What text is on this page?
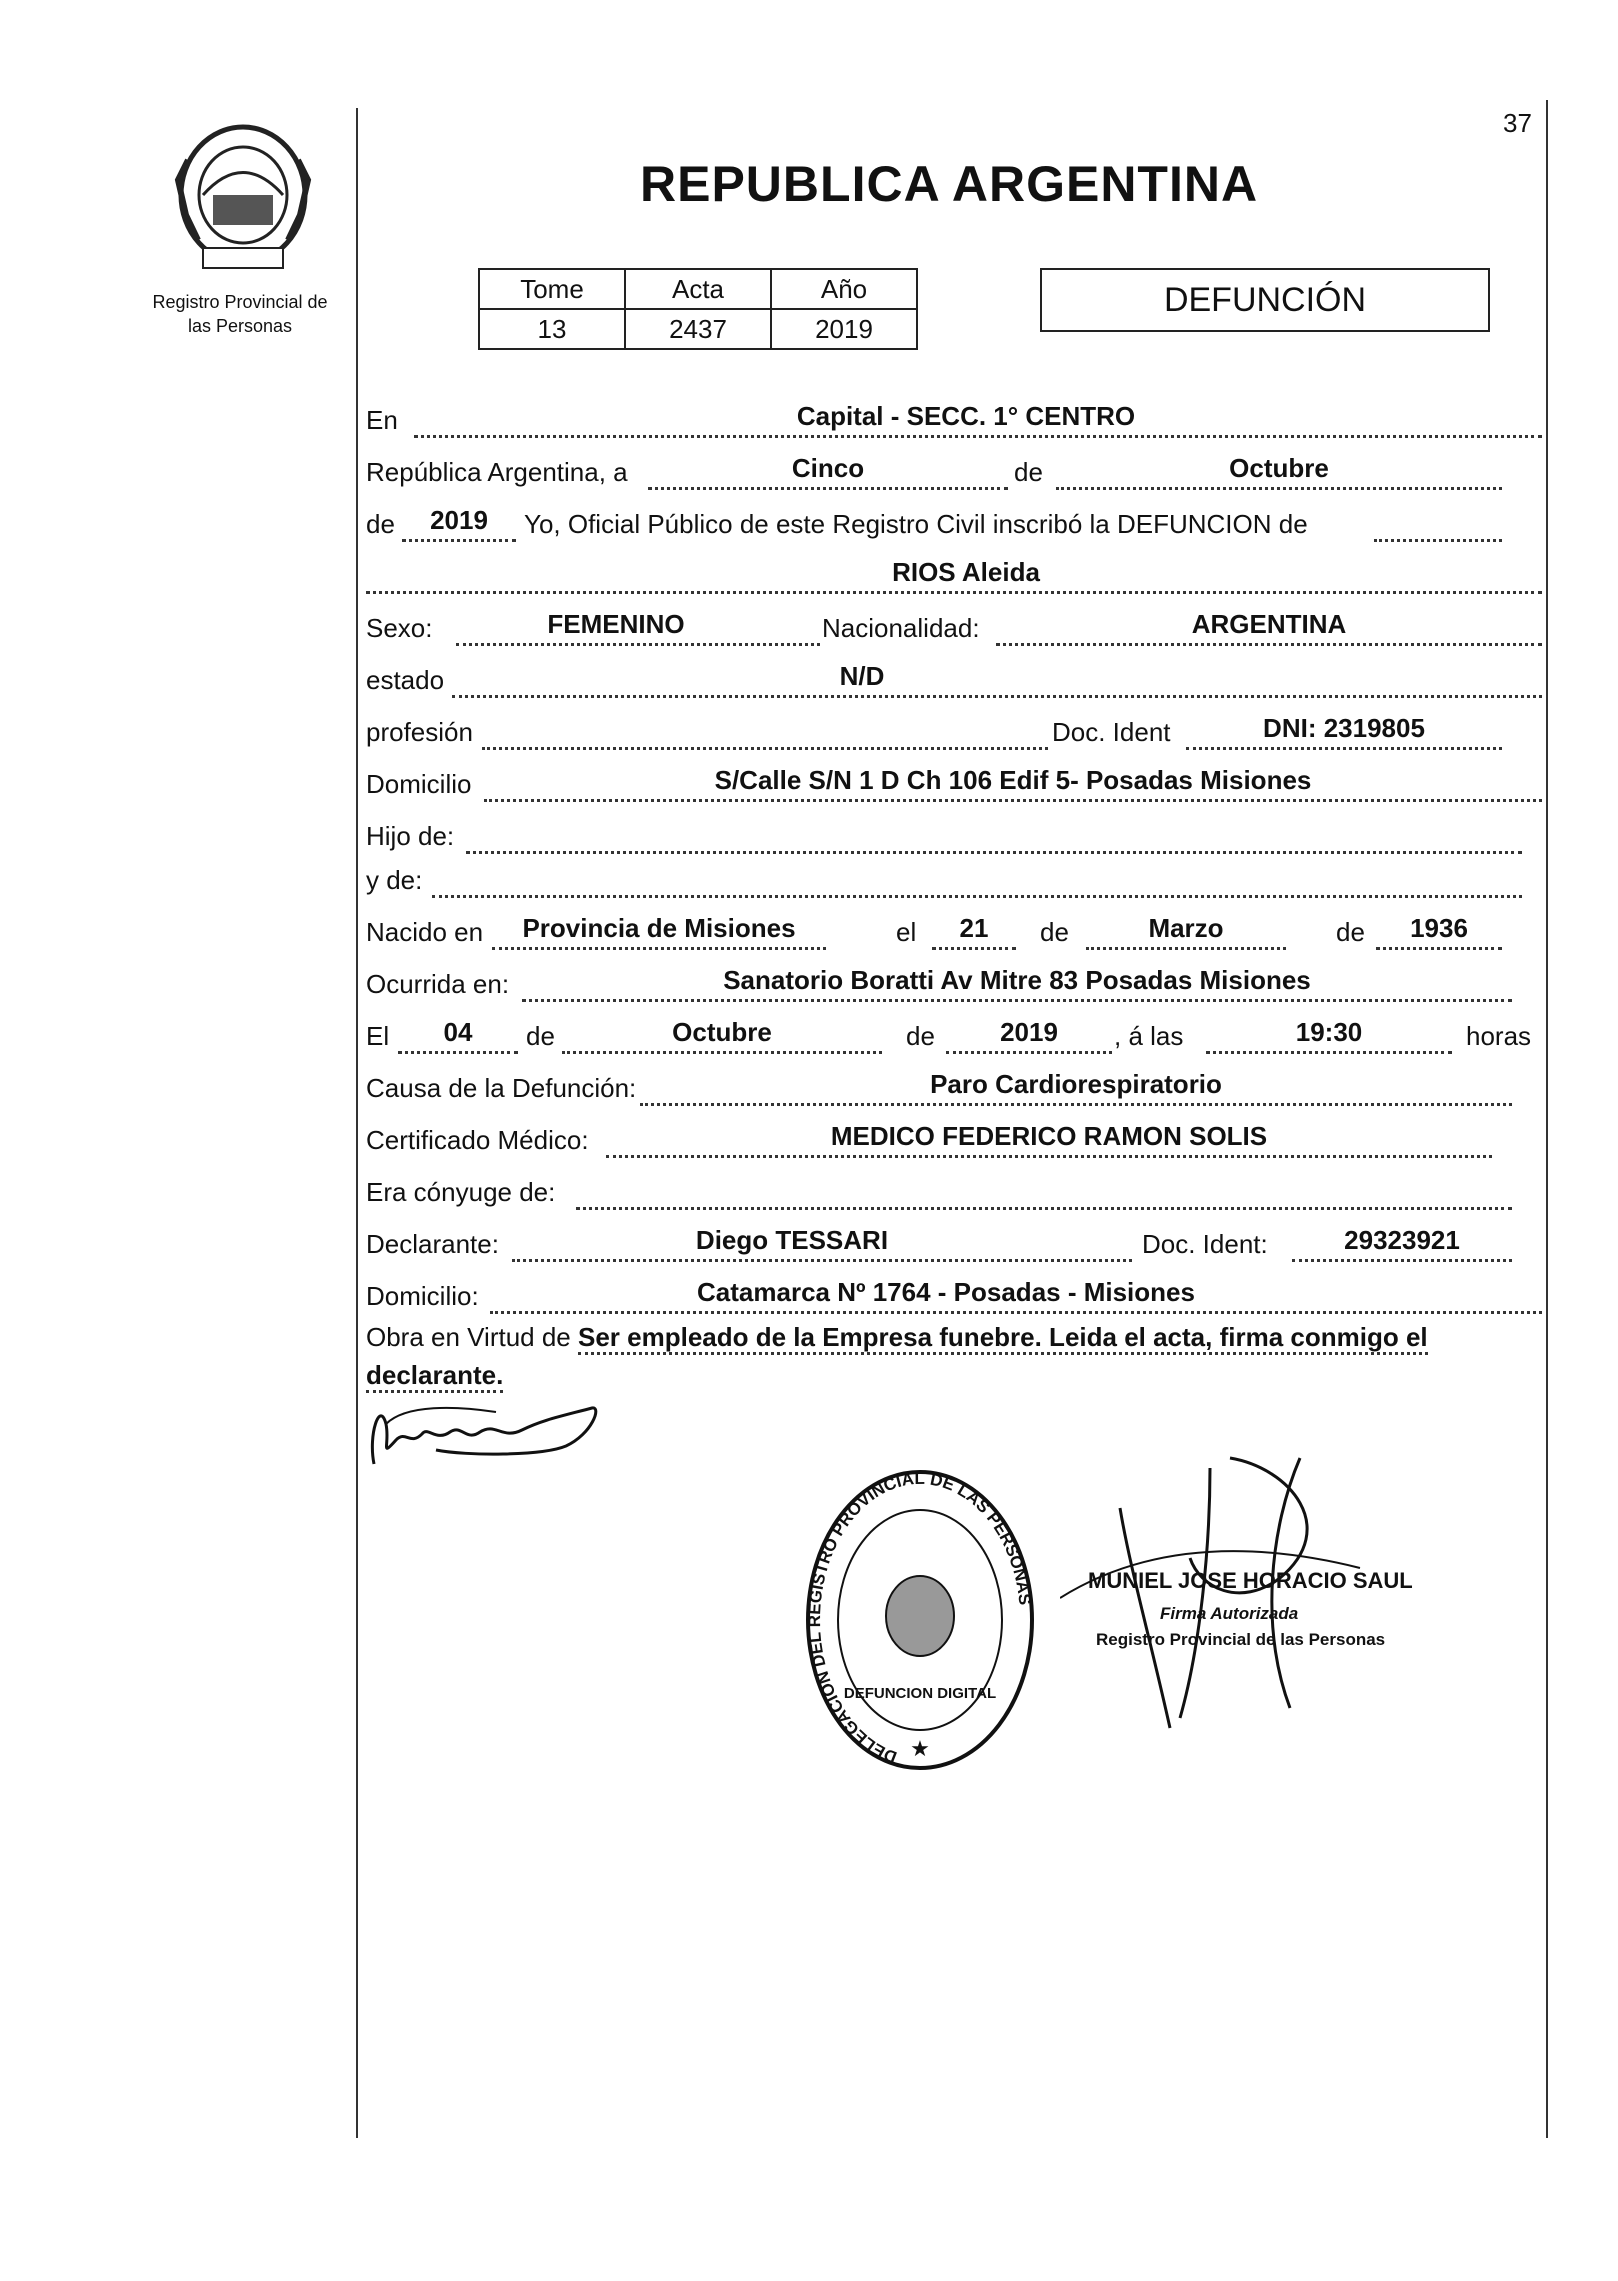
37
Registro Provincial de
las Personas
REPUBLICA ARGENTINA
Tome	Acta	Año
13	2437	2019
DEFUNCIÓN
En	Capital - SECC. 1° CENTRO
República Argentina, a	Cinco	de	Octubre
de	2019	Yo, Oficial Público de este Registro Civil inscribó la DEFUNCION de
RIOS Aleida
Sexo:	FEMENINO	Nacionalidad:	ARGENTINA
estado	N/D
profesión	Doc. Ident	DNI: 2319805
Domicilio	S/Calle S/N 1 D Ch 106 Edif 5- Posadas Misiones
Hijo de:
y de:
Nacido en	Provincia de Misiones	el	21	de	Marzo	de	1936
Ocurrida en:	Sanatorio Boratti Av Mitre 83 Posadas Misiones
El	04	de	Octubre	de	2019	, á las	19:30	horas
Causa de la Defunción:	Paro Cardiorespiratorio
Certificado Médico:	MEDICO FEDERICO RAMON SOLIS
Era cónyuge de:
Declarante:	Diego TESSARI	Doc. Ident:	29323921
Domicilio:	Catamarca Nº 1764 - Posadas - Misiones
Obra en Virtud de Ser empleado de la Empresa funebre. Leida el acta, firma conmigo el declarante.
DELEGACION DEL REGISTRO PROVINCIAL DE LAS PERSONAS
DEFUNCION DIGITAL
★
MUNIEL JOSE HORACIO SAUL
Firma Autorizada
Registro Provincial de las Personas
